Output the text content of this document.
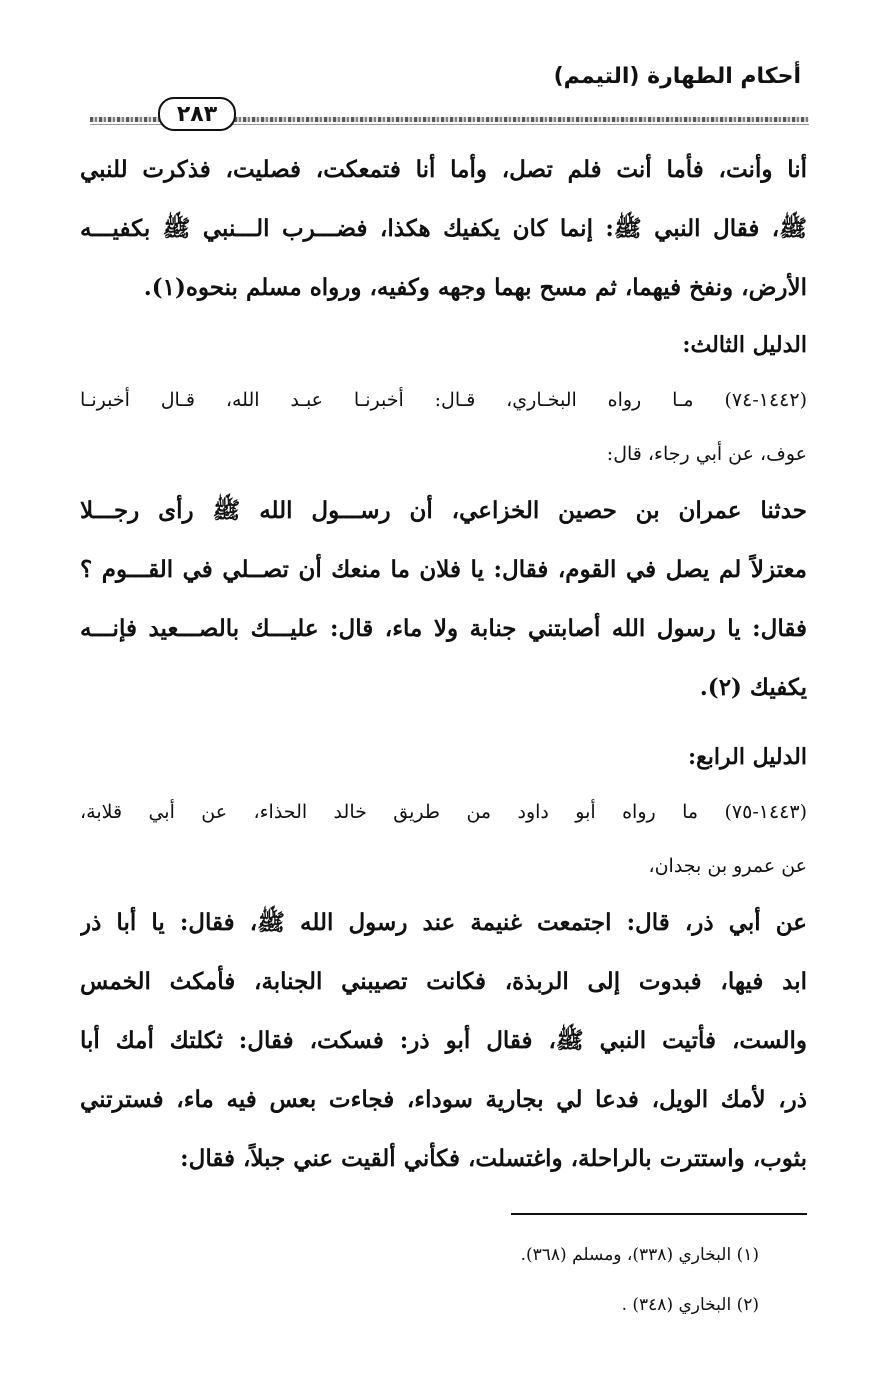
أحكام الطهارة (التيمم)
٢٨٣
أنا وأنت، فأما أنت فلم تصل، وأما أنا فتمعكت، فصليت، فذكرت للنبي
ﷺ، فقال النبي ﷺ: إنما كان يكفيك هكذا، فضـــرب الـــنبي ﷺ بكفيـــه
الأرض، ونفخ فيهما، ثم مسح بهما وجهه وكفيه، ورواه مسلم بنحوه(١).
الدليل الثالث:
(١٤٤٢-٧٤) مـا رواه البخـاري، قـال: أخبرنـا عبـد الله، قـال أخبرنـا
عوف، عن أبي رجاء، قال:
حدثنا عمران بن حصين الخزاعي، أن رســـول الله ﷺ رأى رجـــلا
معتزلاً لم يصل في القوم، فقال: يا فلان ما منعك أن تصــلي في القـــوم ؟
فقال: يا رسول الله أصابتني جنابة ولا ماء، قال: عليـــك بالصـــعيد فإنـــه
يكفيك (٢).
الدليل الرابع:
(١٤٤٣-٧٥) ما رواه أبو داود من طريق خالد الحذاء، عن أبي قلابة،
عن عمرو بن بجدان،
عن أبي ذر، قال: اجتمعت غنيمة عند رسول الله ﷺ، فقال: يا أبا ذر
ابد فيها، فبدوت إلى الربذة، فكانت تصيبني الجنابة، فأمكث الخمس
والست، فأتيت النبي ﷺ، فقال أبو ذر: فسكت، فقال: ثكلتك أمك أبا
ذر، لأمك الويل، فدعا لي بجارية سوداء، فجاءت بعس فيه ماء، فسترتني
بثوب، واستترت بالراحلة، واغتسلت، فكأني ألقيت عني جبلاً، فقال:
(١) البخاري (٣٣٨)، ومسلم (٣٦٨).
(٢) البخاري (٣٤٨) .
